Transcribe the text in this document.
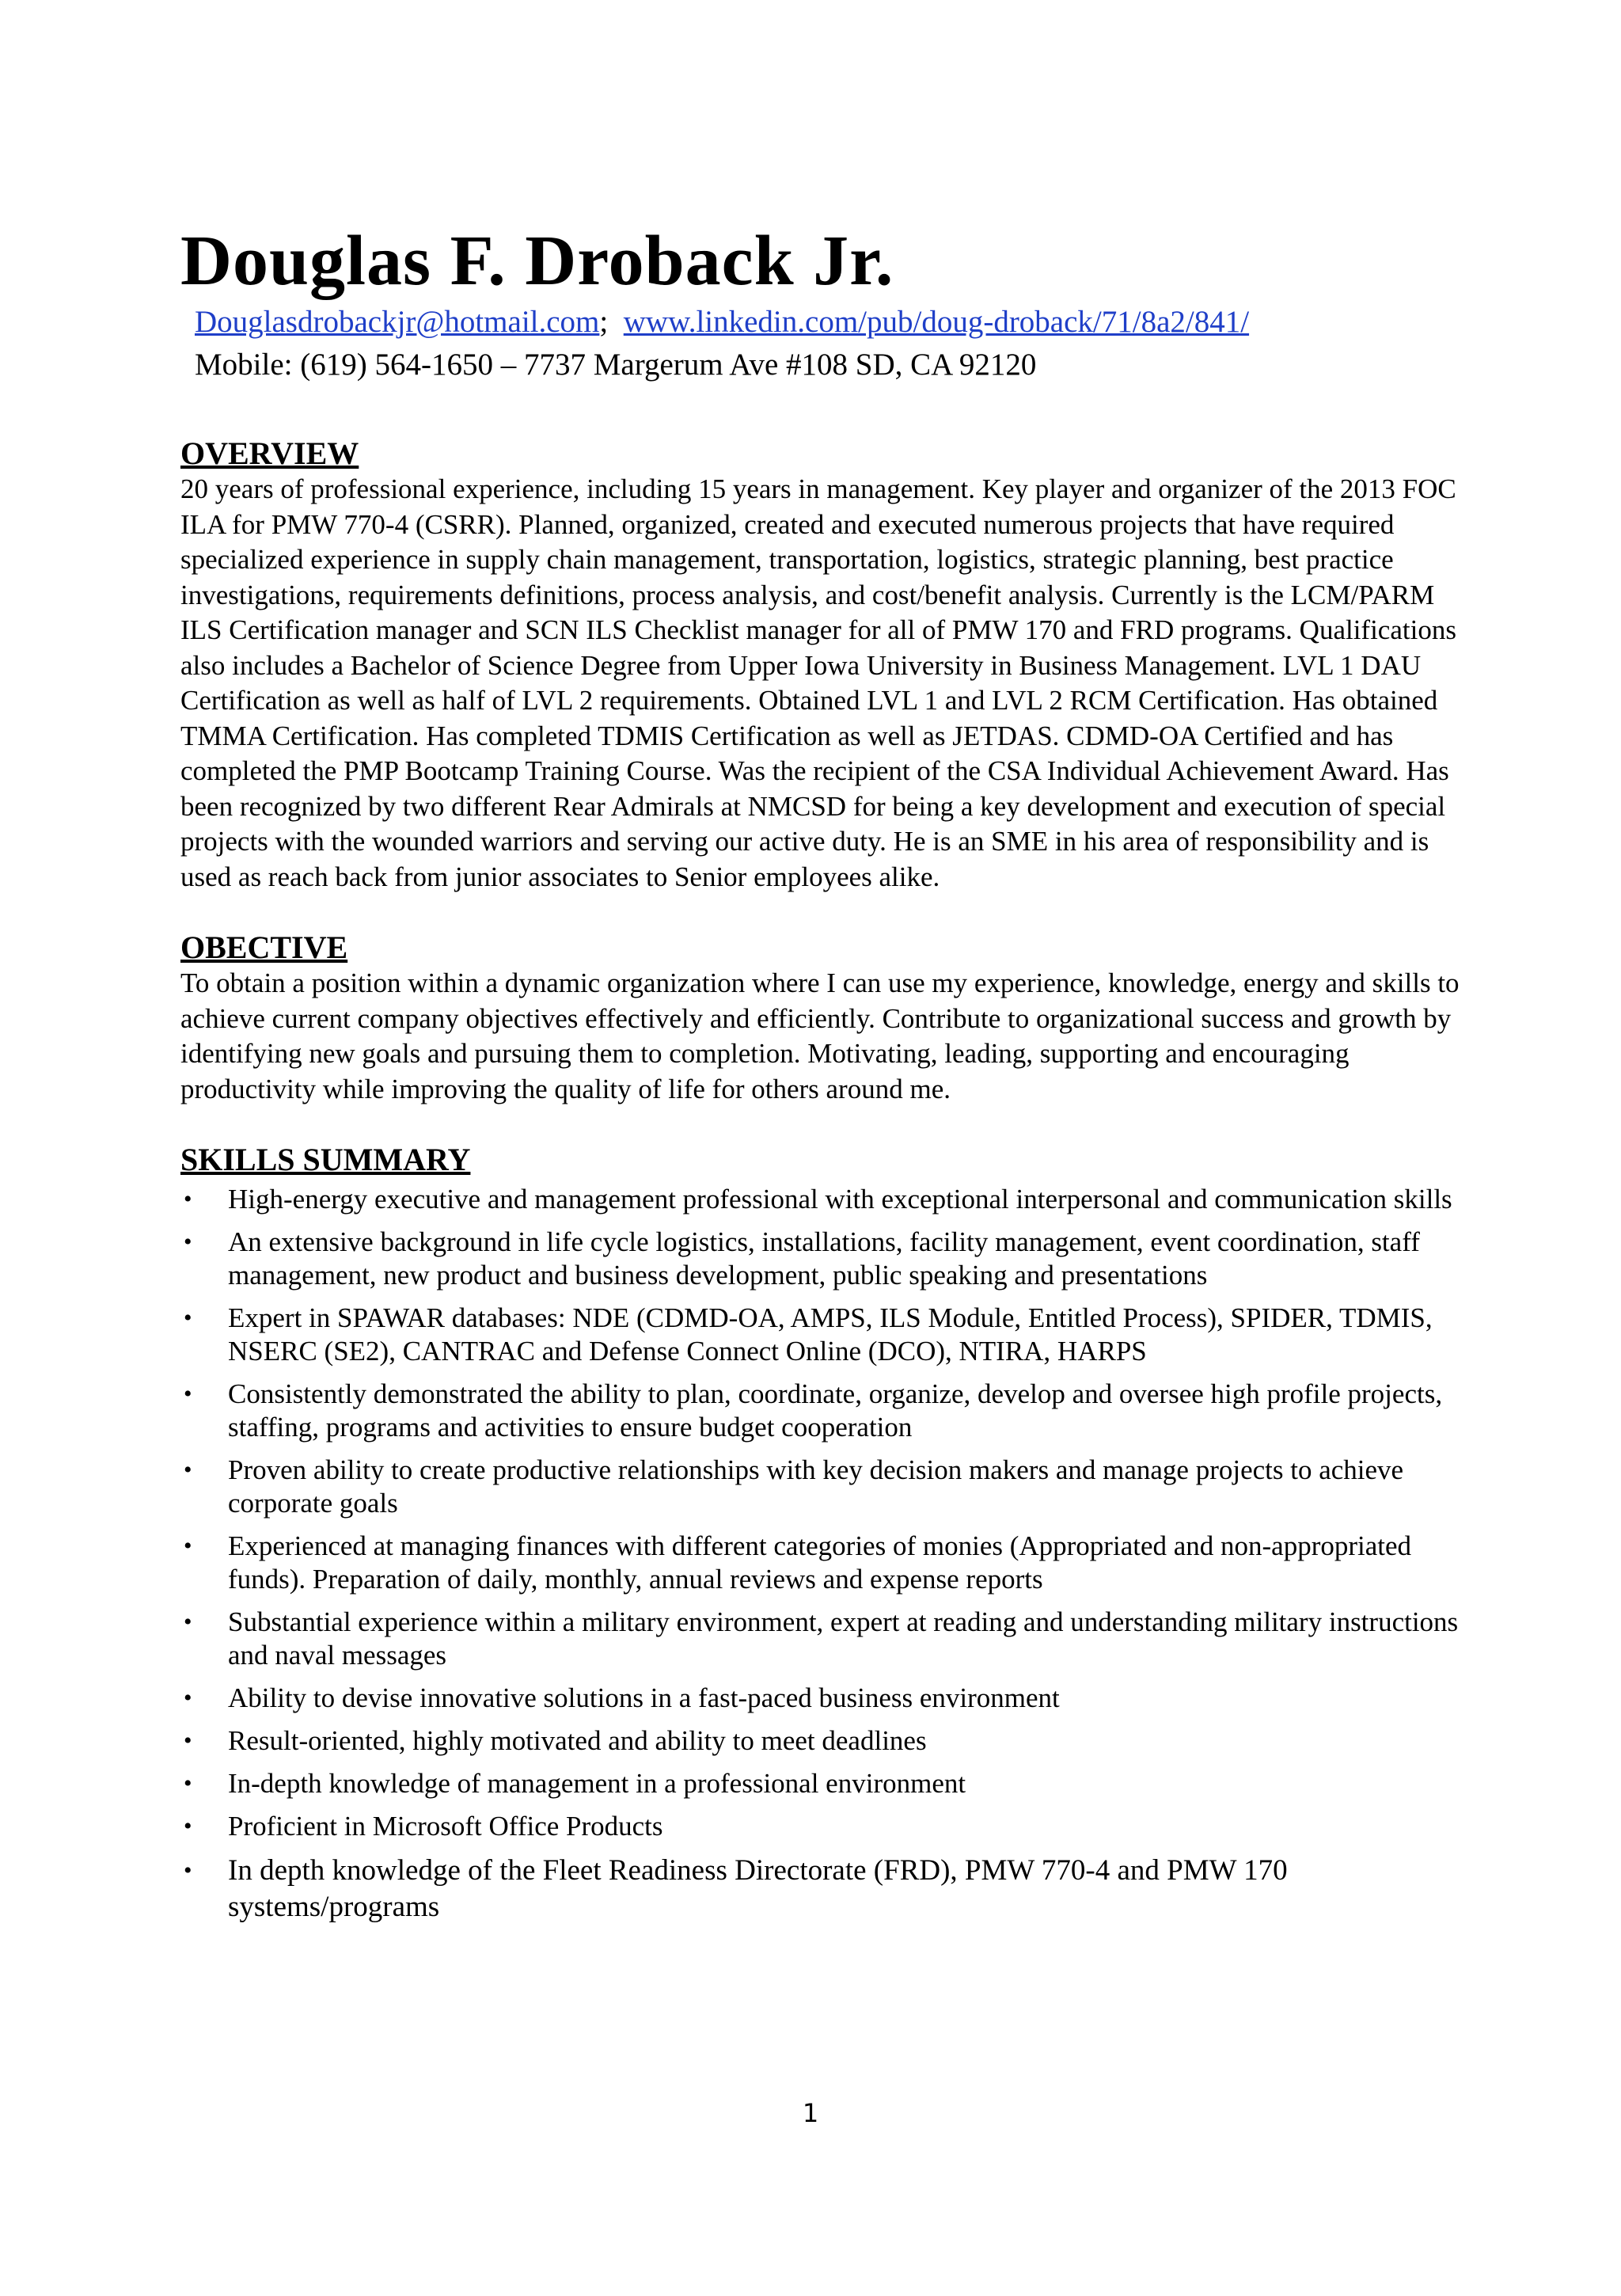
Douglas F. Droback Jr.
Douglasdrobackjr@hotmail.com; www.linkedin.com/pub/doug-droback/71/8a2/841/
Mobile: (619) 564-1650 – 7737 Margerum Ave #108 SD, CA 92120
OVERVIEW

20 years of professional experience, including 15 years in management. Key player and organizer of the 2013 FOC ILA for PMW 770-4 (CSRR). Planned, organized, created and executed numerous projects that have required specialized experience in supply chain management, transportation, logistics, strategic planning, best practice investigations, requirements definitions, process analysis, and cost/benefit analysis. Currently is the LCM/PARM ILS Certification manager and SCN ILS Checklist manager for all of PMW 170 and FRD programs. Qualifications also includes a Bachelor of Science Degree from Upper Iowa University in Business Management. LVL 1 DAU Certification as well as half of LVL 2 requirements. Obtained LVL 1 and LVL 2 RCM Certification. Has obtained TMMA Certification. Has completed TDMIS Certification as well as JETDAS. CDMD-OA Certified and has completed the PMP Bootcamp Training Course. Was the recipient of the CSA Individual Achievement Award. Has been recognized by two different Rear Admirals at NMCSD for being a key development and execution of special projects with the wounded warriors and serving our active duty. He is an SME in his area of responsibility and is used as reach back from junior associates to Senior employees alike.

OBECTIVE

To obtain a position within a dynamic organization where I can use my experience, knowledge, energy and skills to achieve current company objectives effectively and efficiently. Contribute to organizational success and growth by identifying new goals and pursuing them to completion. Motivating, leading, supporting and encouraging productivity while improving the quality of life for others around me.

SKILLS SUMMARY
• High-energy executive and management professional with exceptional interpersonal and communication skills
• An extensive background in life cycle logistics, installations, facility management, event coordination, staff management, new product and business development, public speaking and presentations
• Expert in SPAWAR databases: NDE (CDMD-OA, AMPS, ILS Module, Entitled Process), SPIDER, TDMIS, NSERC (SE2), CANTRAC and Defense Connect Online (DCO), NTIRA, HARPS
• Consistently demonstrated the ability to plan, coordinate, organize, develop and oversee high profile projects, staffing, programs and activities to ensure budget cooperation
• Proven ability to create productive relationships with key decision makers and manage projects to achieve corporate goals
• Experienced at managing finances with different categories of monies (Appropriated and non-appropriated funds). Preparation of daily, monthly, annual reviews and expense reports
• Substantial experience within a military environment, expert at reading and understanding military instructions and naval messages
• Ability to devise innovative solutions in a fast-paced business environment
• Result-oriented, highly motivated and ability to meet deadlines
• In-depth knowledge of management in a professional environment
• Proficient in Microsoft Office Products
• In depth knowledge of the Fleet Readiness Directorate (FRD), PMW 770-4 and PMW 170 systems/programs
1
